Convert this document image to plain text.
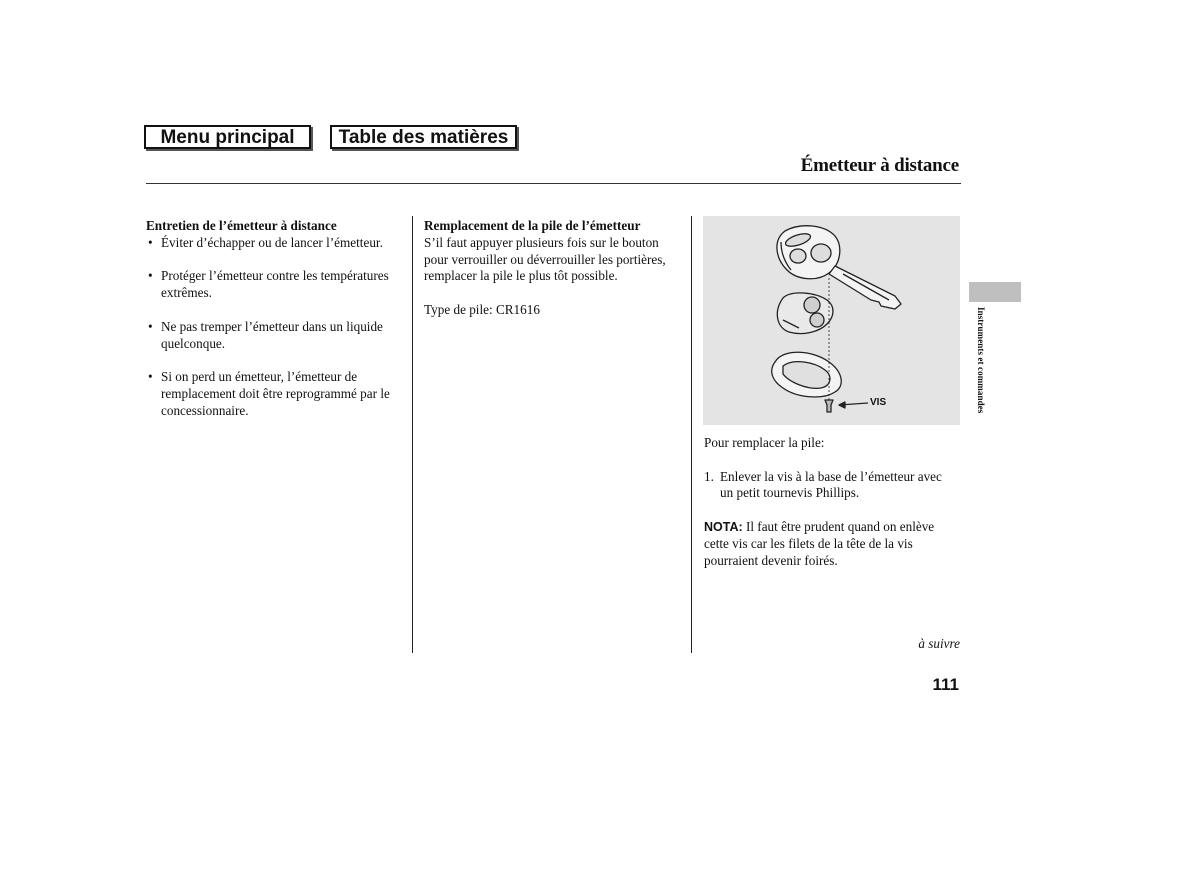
Menu principal	Table des matières
Émetteur à distance
Entretien de l’émetteur à distance
• Éviter d’échapper ou de lancer l’émetteur.
• Protéger l’émetteur contre les températures extrêmes.
• Ne pas tremper l’émetteur dans un liquide quelconque.
• Si on perd un émetteur, l’émetteur de remplacement doit être reprogrammé par le concessionnaire.
Remplacement de la pile de l’émetteur

S’il faut appuyer plusieurs fois sur le bouton pour verrouiller ou déverrouiller les portières, remplacer la pile le plus tôt possible.

Type de pile: CR1616

VIS

Pour remplacer la pile:

1. Enlever la vis à la base de l’émetteur avec un petit tournevis Phillips.

NOTA: Il faut être prudent quand on enlève cette vis car les filets de la tête de la vis pourraient devenir foirés.

à suivre
111
Instruments et commandes
